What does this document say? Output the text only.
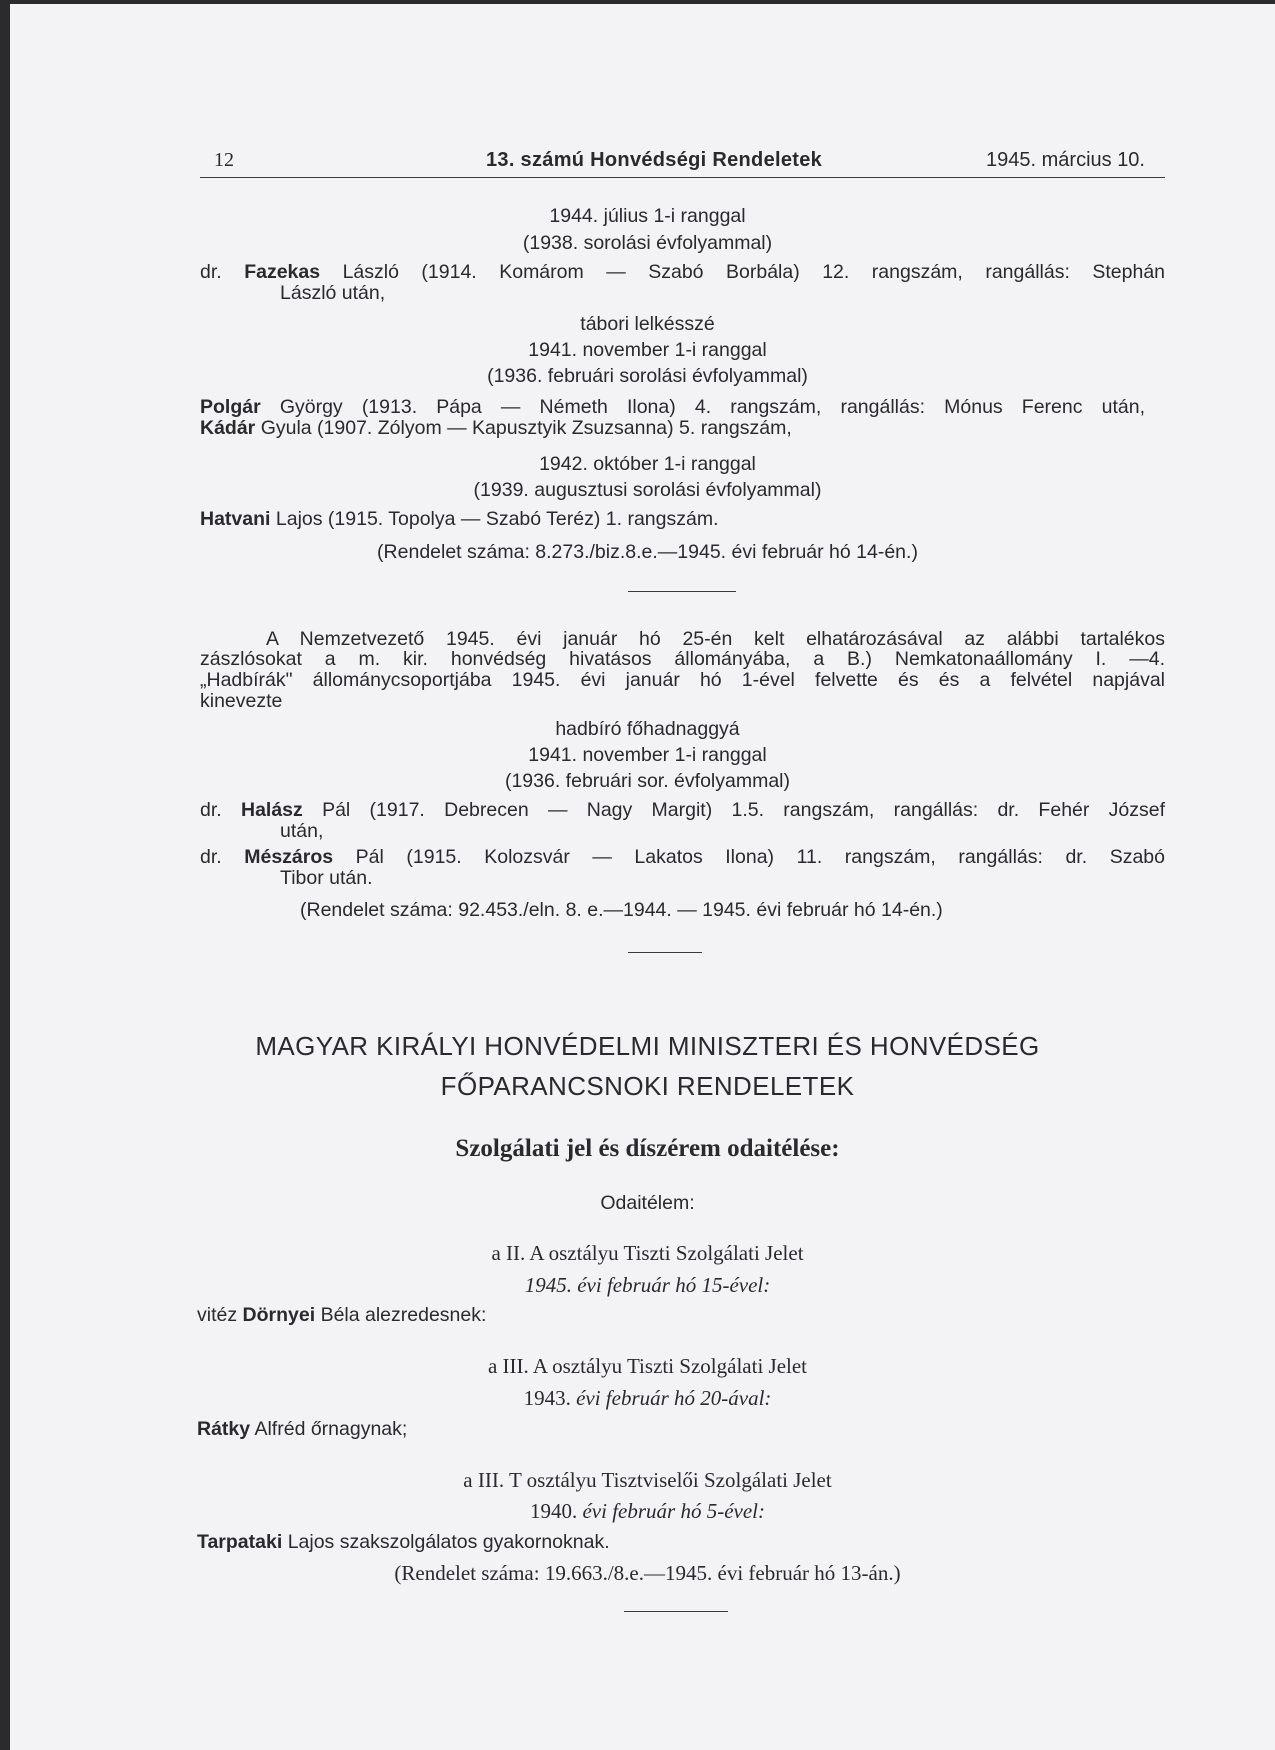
12	13. számú Honvédségi Rendeletek	1945. március 10.
1944. július 1-i ranggal
(1938. sorolási évfolyammal)
dr. Fazekas László (1914. Komárom — Szabó Borbála) 12. rangszám, rangállás: Stephán
László után,
tábori lelkésszé
1941. november 1-i ranggal
(1936. februári sorolási évfolyammal)
Polgár György (1913. Pápa — Németh Ilona) 4. rangszám, rangállás: Mónus Ferenc után,
Kádár Gyula (1907. Zólyom — Kapusztyik Zsuzsanna) 5. rangszám,
1942. október 1-i ranggal
(1939. augusztusi sorolási évfolyammal)
Hatvani Lajos (1915. Topolya — Szabó Teréz) 1. rangszám.
(Rendelet száma: 8.273./biz.8.e.—1945. évi február hó 14-én.)
A Nemzetvezető 1945. évi január hó 25-én kelt elhatározásával az alábbi tartalékos
zászlósokat a m. kir. honvédség hivatásos állományába, a B.) Nemkatonaállomány I. —4.
„Hadbírák" állománycsoportjába 1945. évi január hó 1-ével felvette és és a felvétel napjával
kinevezte
hadbíró főhadnaggyá
1941. november 1-i ranggal
(1936. februári sor. évfolyammal)
dr. Halász Pál (1917. Debrecen — Nagy Margit) 1.5. rangszám, rangállás: dr. Fehér József
után,
dr. Mészáros Pál (1915. Kolozsvár — Lakatos Ilona) 11. rangszám, rangállás: dr. Szabó
Tibor után.
(Rendelet száma: 92.453./eln. 8. e.—1944. — 1945. évi február hó 14-én.)
MAGYAR KIRÁLYI HONVÉDELMI MINISZTERI ÉS HONVÉDSÉG
FŐPARANCSNOKI RENDELETEK
Szolgálati jel és díszérem odaitélése:
Odaitélem:
a II. A osztályu Tiszti Szolgálati Jelet
1945. évi február hó 15-ével:
vitéz Dörnyei Béla alezredesnek:
a III. A osztályu Tiszti Szolgálati Jelet
1943. évi február hó 20-ával:
Rátky Alfréd őrnagynak;
a III. T osztályu Tisztviselői Szolgálati Jelet
1940. évi február hó 5-ével:
Tarpataki Lajos szakszolgálatos gyakornoknak.
(Rendelet száma: 19.663./8.e.—1945. évi február hó 13-án.)
